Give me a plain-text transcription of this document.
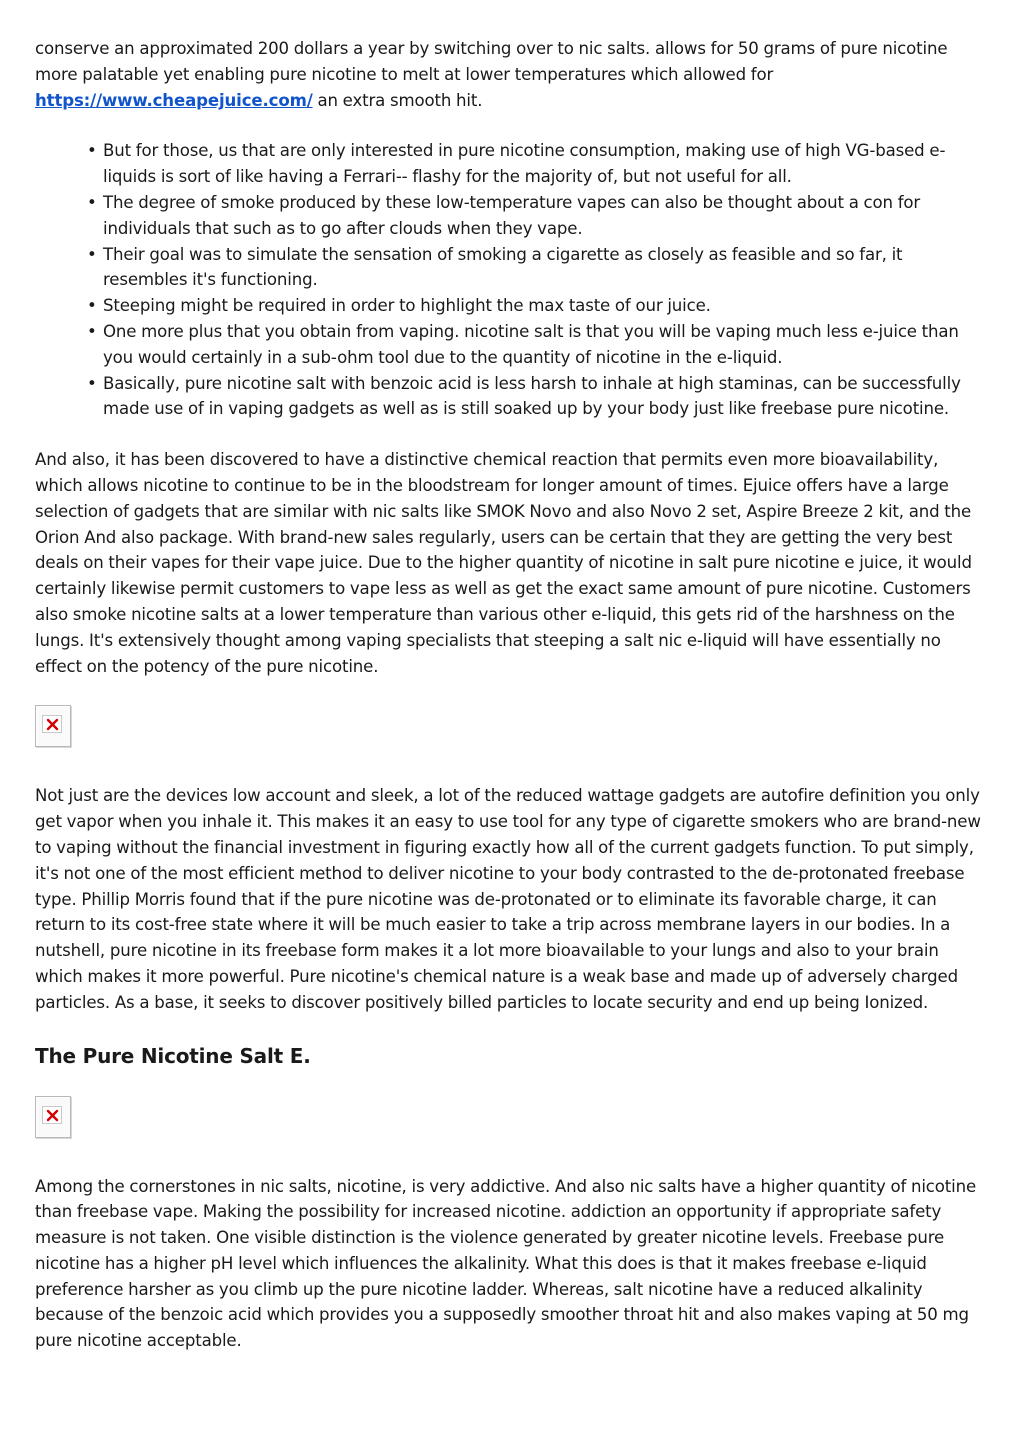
conserve an approximated 200 dollars a year by switching over to nic salts. allows for 50 grams of pure nicotine more palatable yet enabling pure nicotine to melt at lower temperatures which allowed for https://www.cheapejuice.com/ an extra smooth hit.

• But for those, us that are only interested in pure nicotine consumption, making use of high VG-based e-liquids is sort of like having a Ferrari-- flashy for the majority of, but not useful for all.
• The degree of smoke produced by these low-temperature vapes can also be thought about a con for individuals that such as to go after clouds when they vape.
• Their goal was to simulate the sensation of smoking a cigarette as closely as feasible and so far, it resembles it's functioning.
• Steeping might be required in order to highlight the max taste of our juice.
• One more plus that you obtain from vaping. nicotine salt is that you will be vaping much less e-juice than you would certainly in a sub-ohm tool due to the quantity of nicotine in the e-liquid.
• Basically, pure nicotine salt with benzoic acid is less harsh to inhale at high staminas, can be successfully made use of in vaping gadgets as well as is still soaked up by your body just like freebase pure nicotine.

And also, it has been discovered to have a distinctive chemical reaction that permits even more bioavailability, which allows nicotine to continue to be in the bloodstream for longer amount of times. Ejuice offers have a large selection of gadgets that are similar with nic salts like SMOK Novo and also Novo 2 set, Aspire Breeze 2 kit, and the Orion And also package. With brand-new sales regularly, users can be certain that they are getting the very best deals on their vapes for their vape juice. Due to the higher quantity of nicotine in salt pure nicotine e juice, it would certainly likewise permit customers to vape less as well as get the exact same amount of pure nicotine. Customers also smoke nicotine salts at a lower temperature than various other e-liquid, this gets rid of the harshness on the lungs. It's extensively thought among vaping specialists that steeping a salt nic e-liquid will have essentially no effect on the potency of the pure nicotine.

Not just are the devices low account and sleek, a lot of the reduced wattage gadgets are autofire definition you only get vapor when you inhale it. This makes it an easy to use tool for any type of cigarette smokers who are brand-new to vaping without the financial investment in figuring exactly how all of the current gadgets function. To put simply, it's not one of the most efficient method to deliver nicotine to your body contrasted to the de-protonated freebase type. Phillip Morris found that if the pure nicotine was de-protonated or to eliminate its favorable charge, it can return to its cost-free state where it will be much easier to take a trip across membrane layers in our bodies. In a nutshell, pure nicotine in its freebase form makes it a lot more bioavailable to your lungs and also to your brain which makes it more powerful. Pure nicotine's chemical nature is a weak base and made up of adversely charged particles. As a base, it seeks to discover positively billed particles to locate security and end up being Ionized.

The Pure Nicotine Salt E.

Among the cornerstones in nic salts, nicotine, is very addictive. And also nic salts have a higher quantity of nicotine than freebase vape. Making the possibility for increased nicotine. addiction an opportunity if appropriate safety measure is not taken. One visible distinction is the violence generated by greater nicotine levels. Freebase pure nicotine has a higher pH level which influences the alkalinity. What this does is that it makes freebase e-liquid preference harsher as you climb up the pure nicotine ladder. Whereas, salt nicotine have a reduced alkalinity because of the benzoic acid which provides you a supposedly smoother throat hit and also makes vaping at 50 mg pure nicotine acceptable.
